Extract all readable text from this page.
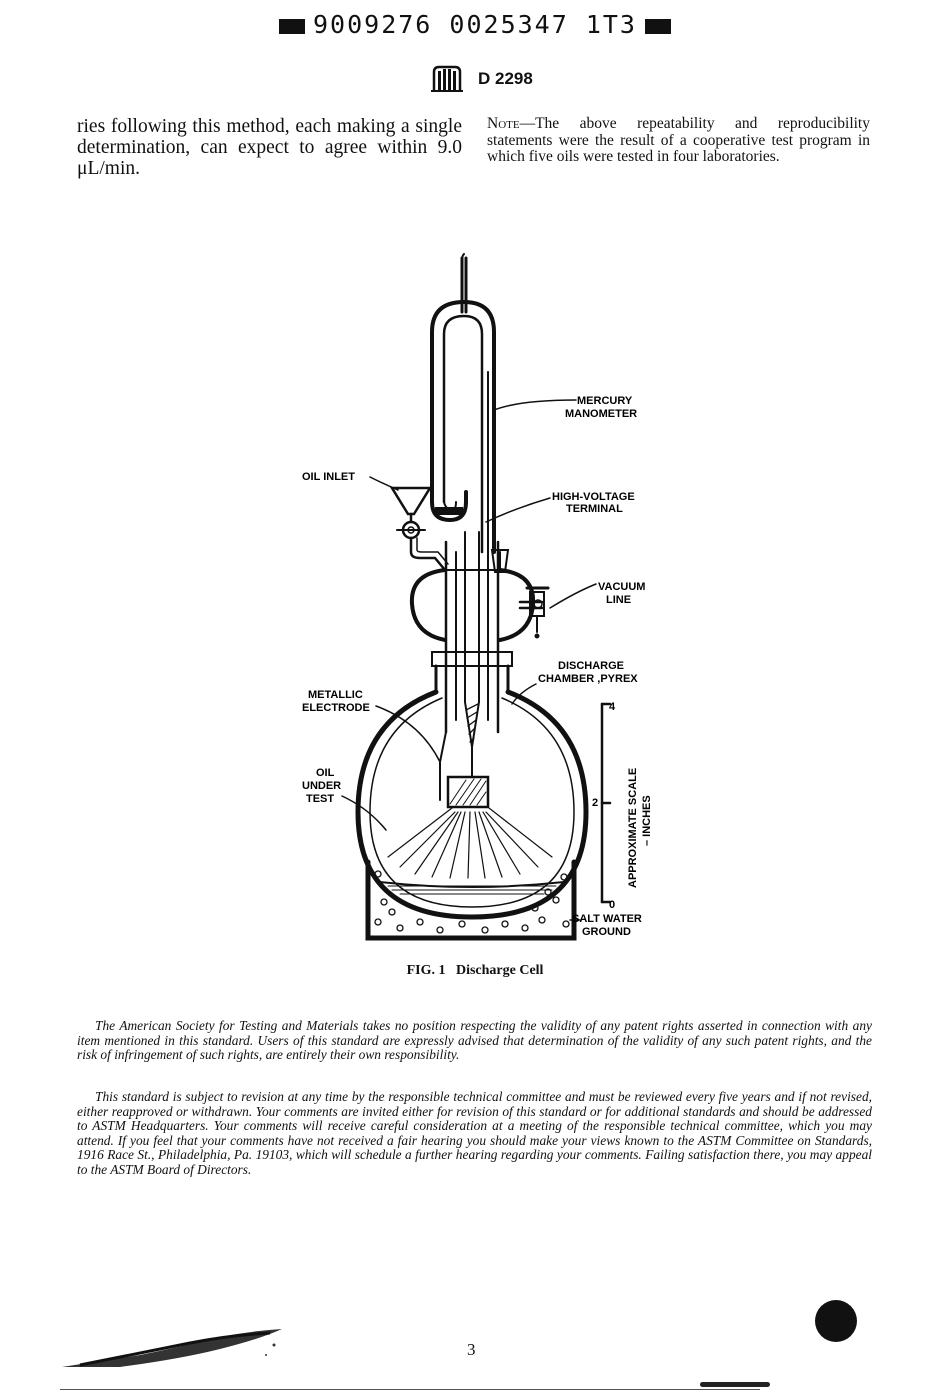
9009276 0025347 1T3
D 2298
ries following this method, each making a single determination, can expect to agree within 9.0 μL/min.
Note—The above repeatability and reproducibility statements were the result of a cooperative test program in which five oils were tested in four laboratories.
MERCURY
MANOMETER
OIL INLET
HIGH-VOLTAGE
TERMINAL
VACUUM
LINE
DISCHARGE
CHAMBER ,PYREX
METALLIC
ELECTRODE
OIL
UNDER
TEST
SALT WATER
GROUND
4
2
0
APPROXIMATE SCALE – INCHES
FIG. 1 Discharge Cell
The American Society for Testing and Materials takes no position respecting the validity of any patent rights asserted in connection with any item mentioned in this standard. Users of this standard are expressly advised that determination of the validity of any such patent rights, and the risk of infringement of such rights, are entirely their own responsibility.
This standard is subject to revision at any time by the responsible technical committee and must be reviewed every five years and if not revised, either reapproved or withdrawn. Your comments are invited either for revision of this standard or for additional standards and should be addressed to ASTM Headquarters. Your comments will receive careful consideration at a meeting of the responsible technical committee, which you may attend. If you feel that your comments have not received a fair hearing you should make your views known to the ASTM Committee on Standards, 1916 Race St., Philadelphia, Pa. 19103, which will schedule a further hearing regarding your comments. Failing satisfaction there, you may appeal to the ASTM Board of Directors.
3
